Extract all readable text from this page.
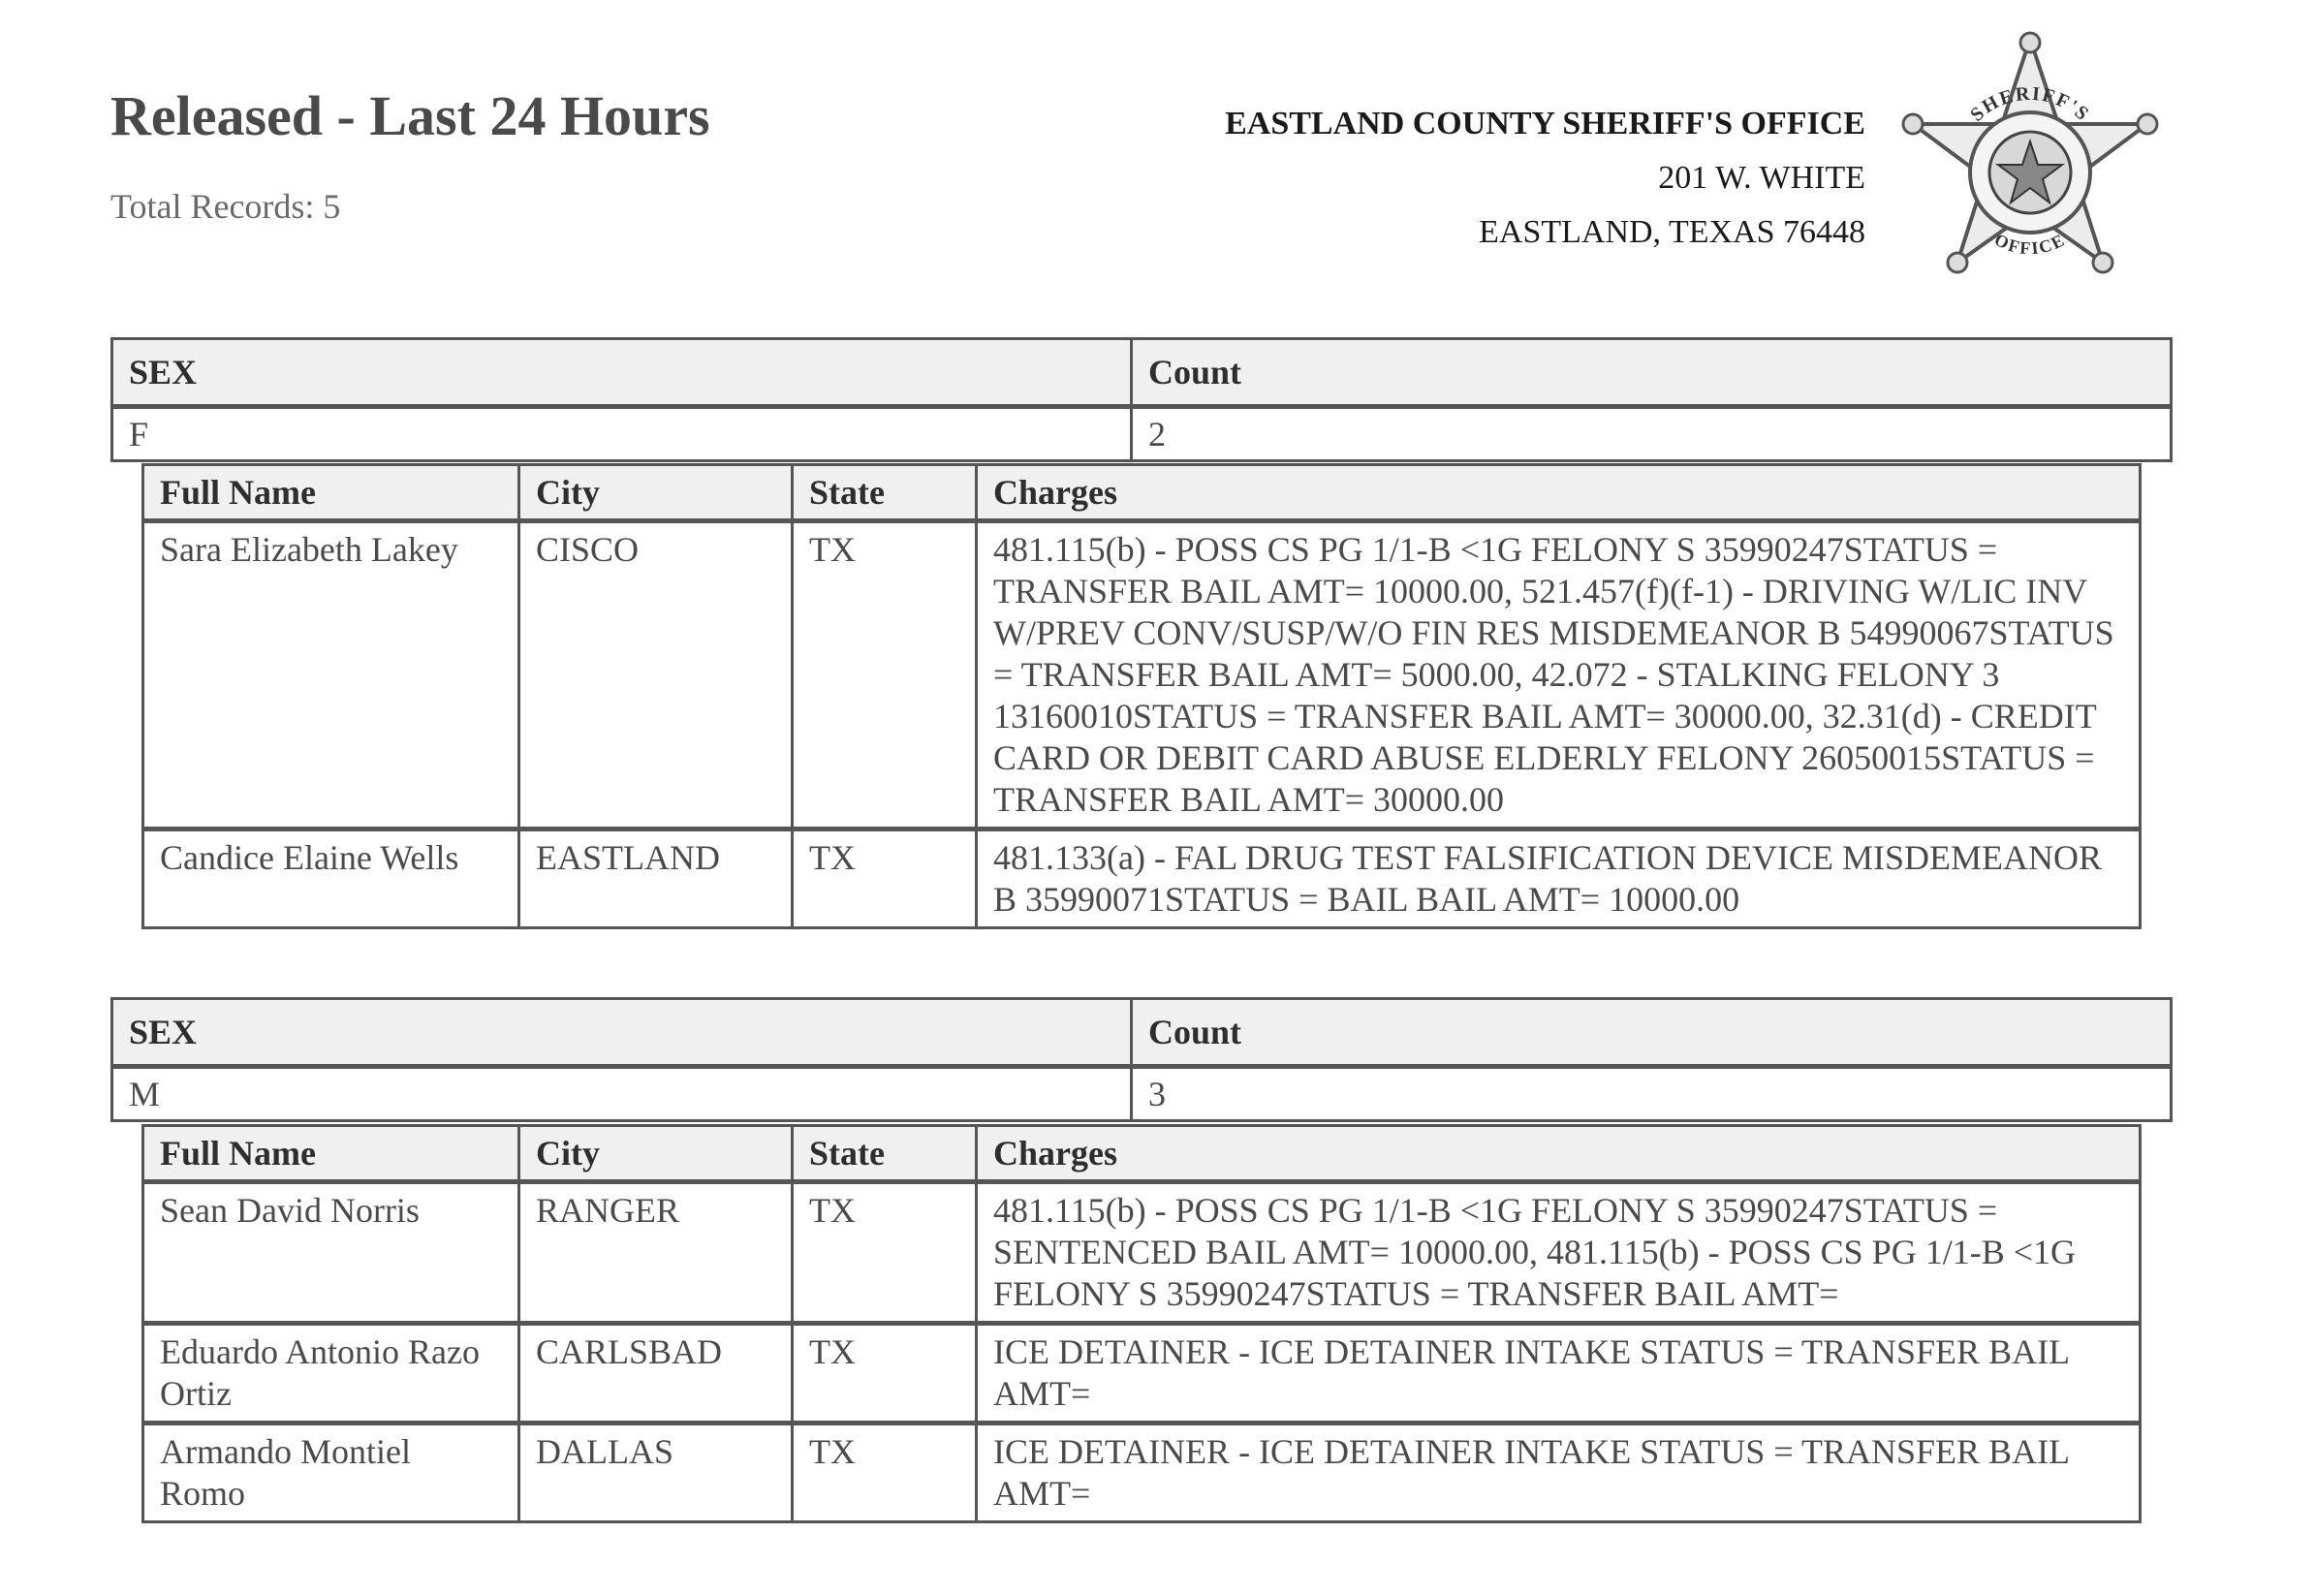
Released - Last 24 Hours
Total Records: 5
EASTLAND COUNTY SHERIFF'S OFFICE
201 W. WHITE
EASTLAND, TEXAS 76448
SHERIFF'S
OFFICE
SEX	Count
F	2
Full Name	City	State	Charges
Sara Elizabeth Lakey	CISCO	TX	481.115(b) - POSS CS PG 1/1-B <1G FELONY S 35990247STATUS = TRANSFER BAIL AMT= 10000.00, 521.457(f)(f-1) - DRIVING W/LIC INV W/PREV CONV/SUSP/W/O FIN RES MISDEMEANOR B 54990067STATUS = TRANSFER BAIL AMT= 5000.00, 42.072 - STALKING FELONY 3 13160010STATUS = TRANSFER BAIL AMT= 30000.00, 32.31(d) - CREDIT CARD OR DEBIT CARD ABUSE ELDERLY FELONY 26050015STATUS = TRANSFER BAIL AMT= 30000.00
Candice Elaine Wells	EASTLAND	TX	481.133(a) - FAL DRUG TEST FALSIFICATION DEVICE MISDEMEANOR B 35990071STATUS = BAIL BAIL AMT= 10000.00
SEX	Count
M	3
Full Name	City	State	Charges
Sean David Norris	RANGER	TX	481.115(b) - POSS CS PG 1/1-B <1G FELONY S 35990247STATUS = SENTENCED BAIL AMT= 10000.00, 481.115(b) - POSS CS PG 1/1-B <1G FELONY S 35990247STATUS = TRANSFER BAIL AMT=
Eduardo Antonio Razo Ortiz	CARLSBAD	TX	ICE DETAINER - ICE DETAINER INTAKE STATUS = TRANSFER BAIL AMT=
Armando Montiel Romo	DALLAS	TX	ICE DETAINER - ICE DETAINER INTAKE STATUS = TRANSFER BAIL AMT=
